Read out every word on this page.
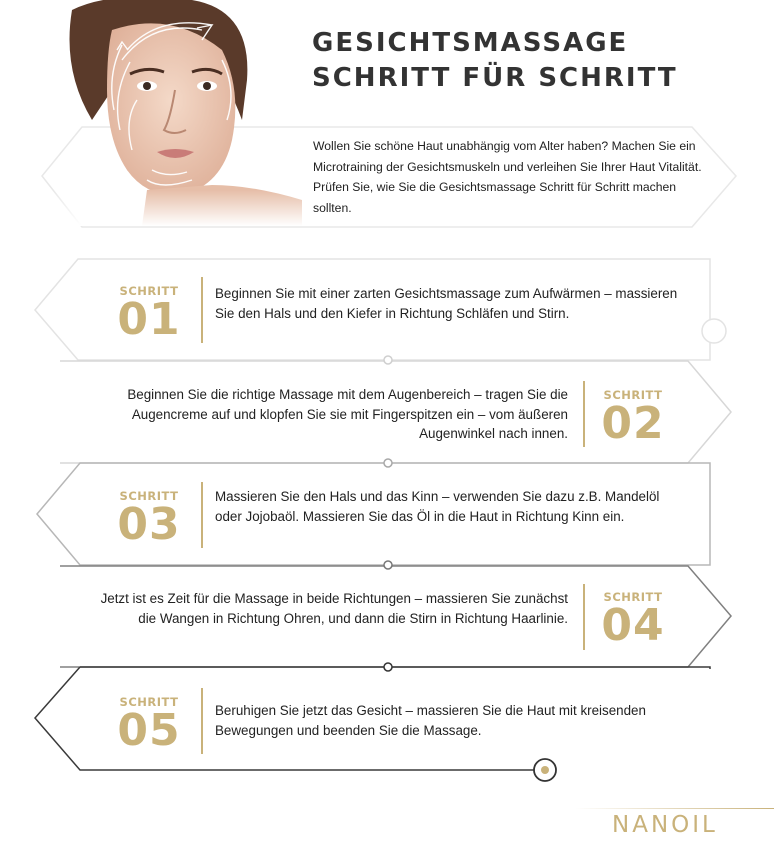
GESICHTSMASSAGE
SCHRITT FÜR SCHRITT

Wollen Sie schöne Haut unabhängig vom Alter haben? Machen Sie ein Microtraining der Gesichtsmuskeln und verleihen Sie Ihrer Haut Vitalität. Prüfen Sie, wie Sie die Gesichtsmassage Schritt für Schritt machen sollten.

SCHRITT
01

Beginnen Sie mit einer zarten Gesichtsmassage zum Aufwärmen – massieren Sie den Hals und den Kiefer in Richtung Schläfen und Stirn.

Beginnen Sie die richtige Massage mit dem Augenbereich – tragen Sie die Augencreme auf und klopfen Sie sie mit Fingerspitzen ein – vom äußeren Augenwinkel nach innen.

SCHRITT
02
SCHRITT
03

Massieren Sie den Hals und das Kinn – verwenden Sie dazu z.B. Mandelöl oder Jojobaöl. Massieren Sie das Öl in die Haut in Richtung Kinn ein.

Jetzt ist es Zeit für die Massage in beide Richtungen – massieren Sie zunächst die Wangen in Richtung Ohren, und dann die Stirn in Richtung Haarlinie.

SCHRITT
04
SCHRITT
05	Beruhigen Sie jetzt das Gesicht – massieren Sie die Haut mit kreisenden Bewegungen und beenden Sie die Massage.

NANOIL
